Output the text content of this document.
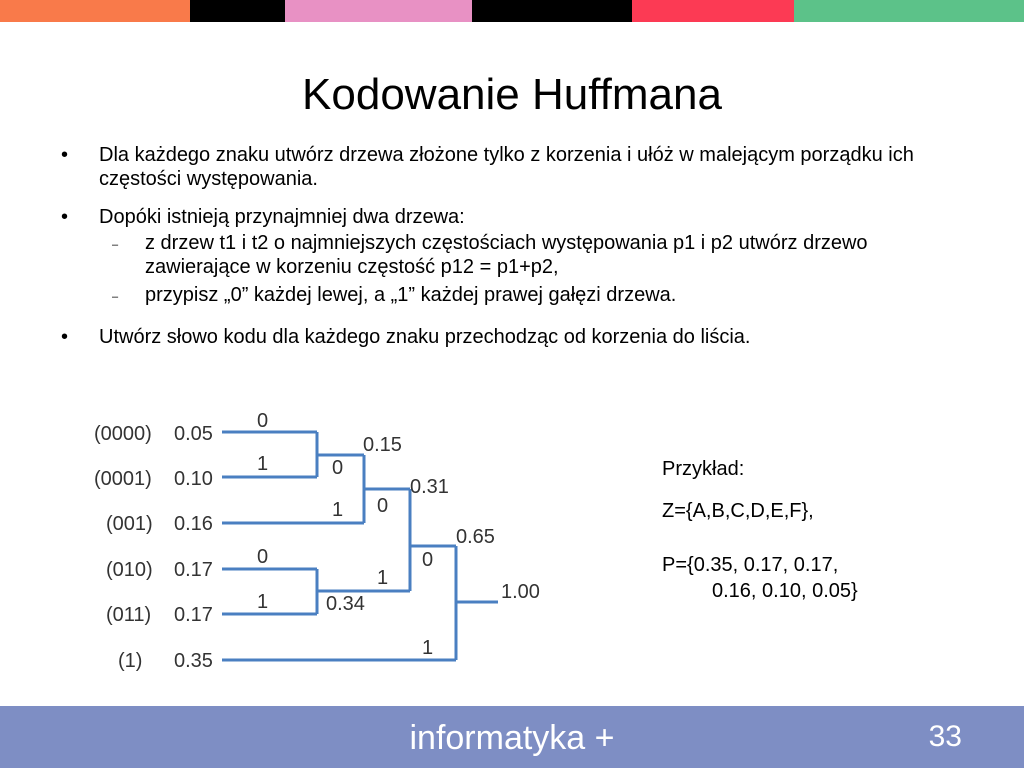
Kodowanie Huffmana
• Dla każdego znaku utwórz drzewa złożone tylko z korzenia i ułóż w malejącym porządku ich częstości występowania.
• Dopóki istnieją przynajmniej dwa drzewa:
– z drzew t1 i t2 o najmniejszych częstościach występowania p1 i p2 utwórz drzewo zawierające w korzeniu częstość p12 = p1+p2,
– przypisz „0” każdej lewej, a „1” każdej prawej gałęzi drzewa.
• Utwórz słowo kodu dla każdego znaku przechodząc od korzenia do liścia.
(0000) 0.05
(0001) 0.10
(001) 0.16
(010) 0.17
(011) 0.17
(1) 0.35
0
1	0
1 0
0
1
1
0
1
0.15
0.31
0.34
0.65
1.00
Przykład:
Z={A,B,C,D,E,F},
P={0.35, 0.17, 0.17,
0.16, 0.10, 0.05}
informatyka +	33
